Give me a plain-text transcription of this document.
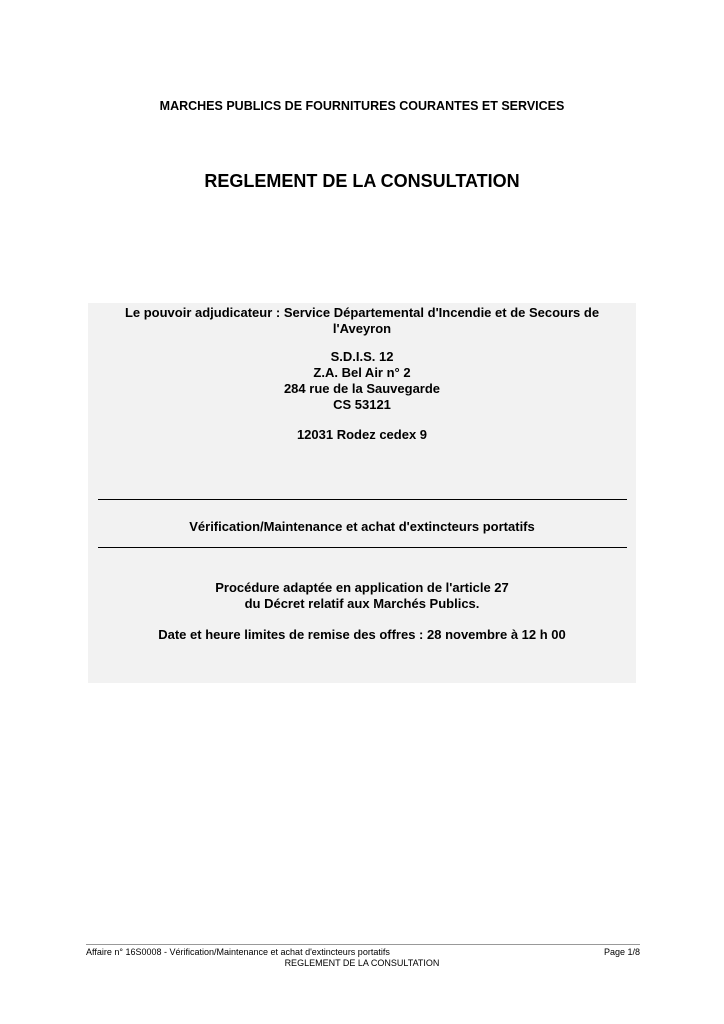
MARCHES PUBLICS DE FOURNITURES COURANTES ET SERVICES
REGLEMENT DE LA CONSULTATION
Le pouvoir adjudicateur : Service Départemental d'Incendie et de Secours de
l'Aveyron
S.D.I.S. 12
Z.A. Bel Air n° 2
284 rue de la Sauvegarde
CS 53121
12031 Rodez cedex 9
Vérification/Maintenance et achat d'extincteurs portatifs
Procédure adaptée en application de l'article 27
du Décret relatif aux Marchés Publics.
Date et heure limites de remise des offres : 28 novembre à 12 h 00
Affaire n° 16S0008 - Vérification/Maintenance et achat d'extincteurs portatifs	Page 1/8
REGLEMENT DE LA CONSULTATION
